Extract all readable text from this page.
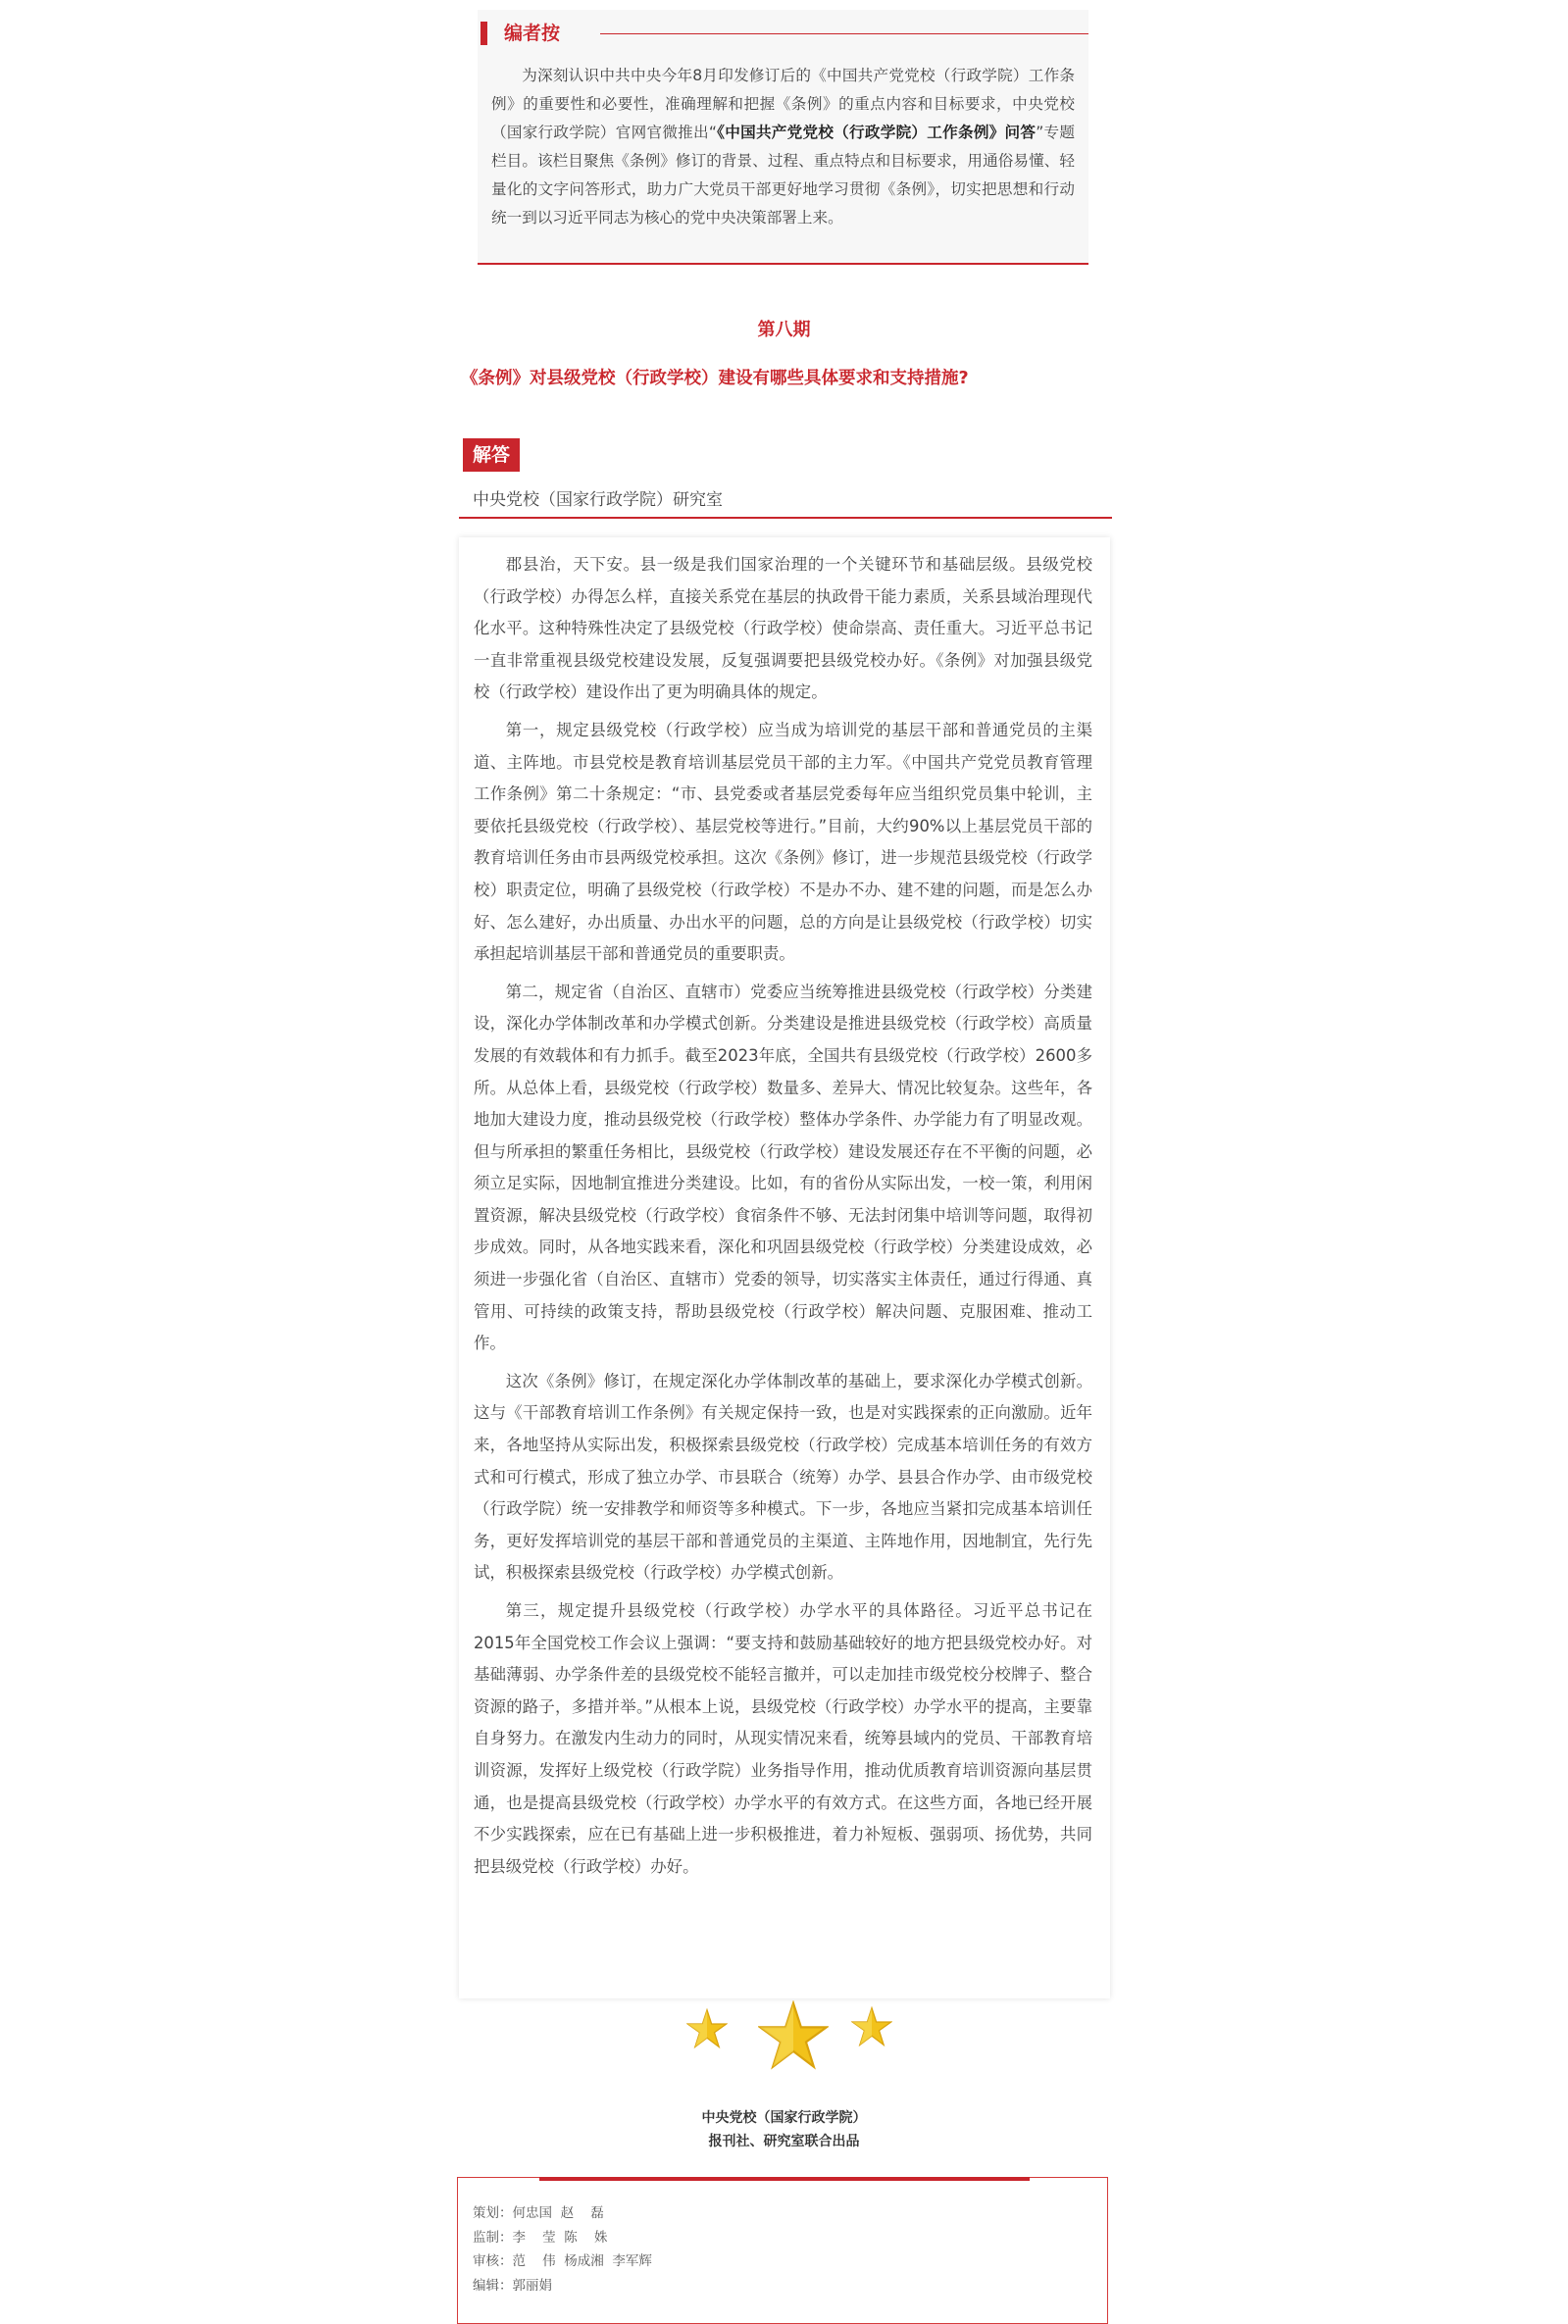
编者按
为深刻认识中共中央今年8月印发修订后的《中国共产党党校（行政学院）工作条例》的重要性和必要性，准确理解和把握《条例》的重点内容和目标要求，中央党校（国家行政学院）官网官微推出“《中国共产党党校（行政学院）工作条例》问答”专题栏目。该栏目聚焦《条例》修订的背景、过程、重点特点和目标要求，用通俗易懂、轻量化的文字问答形式，助力广大党员干部更好地学习贯彻《条例》，切实把思想和行动统一到以习近平同志为核心的党中央决策部署上来。
第八期
《条例》对县级党校（行政学校）建设有哪些具体要求和支持措施?
解答
中央党校（国家行政学院）研究室

郡县治，天下安。县一级是我们国家治理的一个关键环节和基础层级。县级党校（行政学校）办得怎么样，直接关系党在基层的执政骨干能力素质，关系县域治理现代化水平。这种特殊性决定了县级党校（行政学校）使命崇高、责任重大。习近平总书记一直非常重视县级党校建设发展，反复强调要把县级党校办好。《条例》对加强县级党校（行政学校）建设作出了更为明确具体的规定。

第一，规定县级党校（行政学校）应当成为培训党的基层干部和普通党员的主渠道、主阵地。市县党校是教育培训基层党员干部的主力军。《中国共产党党员教育管理工作条例》第二十条规定：“市、县党委或者基层党委每年应当组织党员集中轮训，主要依托县级党校（行政学校）、基层党校等进行。”目前，大约90%以上基层党员干部的教育培训任务由市县两级党校承担。这次《条例》修订，进一步规范县级党校（行政学校）职责定位，明确了县级党校（行政学校）不是办不办、建不建的问题，而是怎么办好、怎么建好，办出质量、办出水平的问题，总的方向是让县级党校（行政学校）切实承担起培训基层干部和普通党员的重要职责。

第二，规定省（自治区、直辖市）党委应当统筹推进县级党校（行政学校）分类建设，深化办学体制改革和办学模式创新。分类建设是推进县级党校（行政学校）高质量发展的有效载体和有力抓手。截至2023年底，全国共有县级党校（行政学校）2600多所。从总体上看，县级党校（行政学校）数量多、差异大、情况比较复杂。这些年，各地加大建设力度，推动县级党校（行政学校）整体办学条件、办学能力有了明显改观。但与所承担的繁重任务相比，县级党校（行政学校）建设发展还存在不平衡的问题，必须立足实际，因地制宜推进分类建设。比如，有的省份从实际出发，一校一策，利用闲置资源，解决县级党校（行政学校）食宿条件不够、无法封闭集中培训等问题，取得初步成效。同时，从各地实践来看，深化和巩固县级党校（行政学校）分类建设成效，必须进一步强化省（自治区、直辖市）党委的领导，切实落实主体责任，通过行得通、真管用、可持续的政策支持，帮助县级党校（行政学校）解决问题、克服困难、推动工作。

这次《条例》修订，在规定深化办学体制改革的基础上，要求深化办学模式创新。这与《干部教育培训工作条例》有关规定保持一致，也是对实践探索的正向激励。近年来，各地坚持从实际出发，积极探索县级党校（行政学校）完成基本培训任务的有效方式和可行模式，形成了独立办学、市县联合（统筹）办学、县县合作办学、由市级党校（行政学院）统一安排教学和师资等多种模式。下一步，各地应当紧扣完成基本培训任务，更好发挥培训党的基层干部和普通党员的主渠道、主阵地作用，因地制宜，先行先试，积极探索县级党校（行政学校）办学模式创新。

第三，规定提升县级党校（行政学校）办学水平的具体路径。习近平总书记在2015年全国党校工作会议上强调：“要支持和鼓励基础较好的地方把县级党校办好。对基础薄弱、办学条件差的县级党校不能轻言撤并，可以走加挂市级党校分校牌子、整合资源的路子，多措并举。”从根本上说，县级党校（行政学校）办学水平的提高，主要靠自身努力。在激发内生动力的同时，从现实情况来看，统筹县域内的党员、干部教育培训资源，发挥好上级党校（行政学院）业务指导作用，推动优质教育培训资源向基层贯通，也是提高县级党校（行政学校）办学水平的有效方式。在这些方面，各地已经开展不少实践探索，应在已有基础上进一步积极推进，着力补短板、强弱项、扬优势，共同把县级党校（行政学校）办好。

中央党校（国家行政学院）
报刊社、研究室联合出品
策划：何忠国  赵    磊
监制：李    莹  陈    姝
审核：范    伟  杨成湘  李军辉
编辑：郭丽娟
